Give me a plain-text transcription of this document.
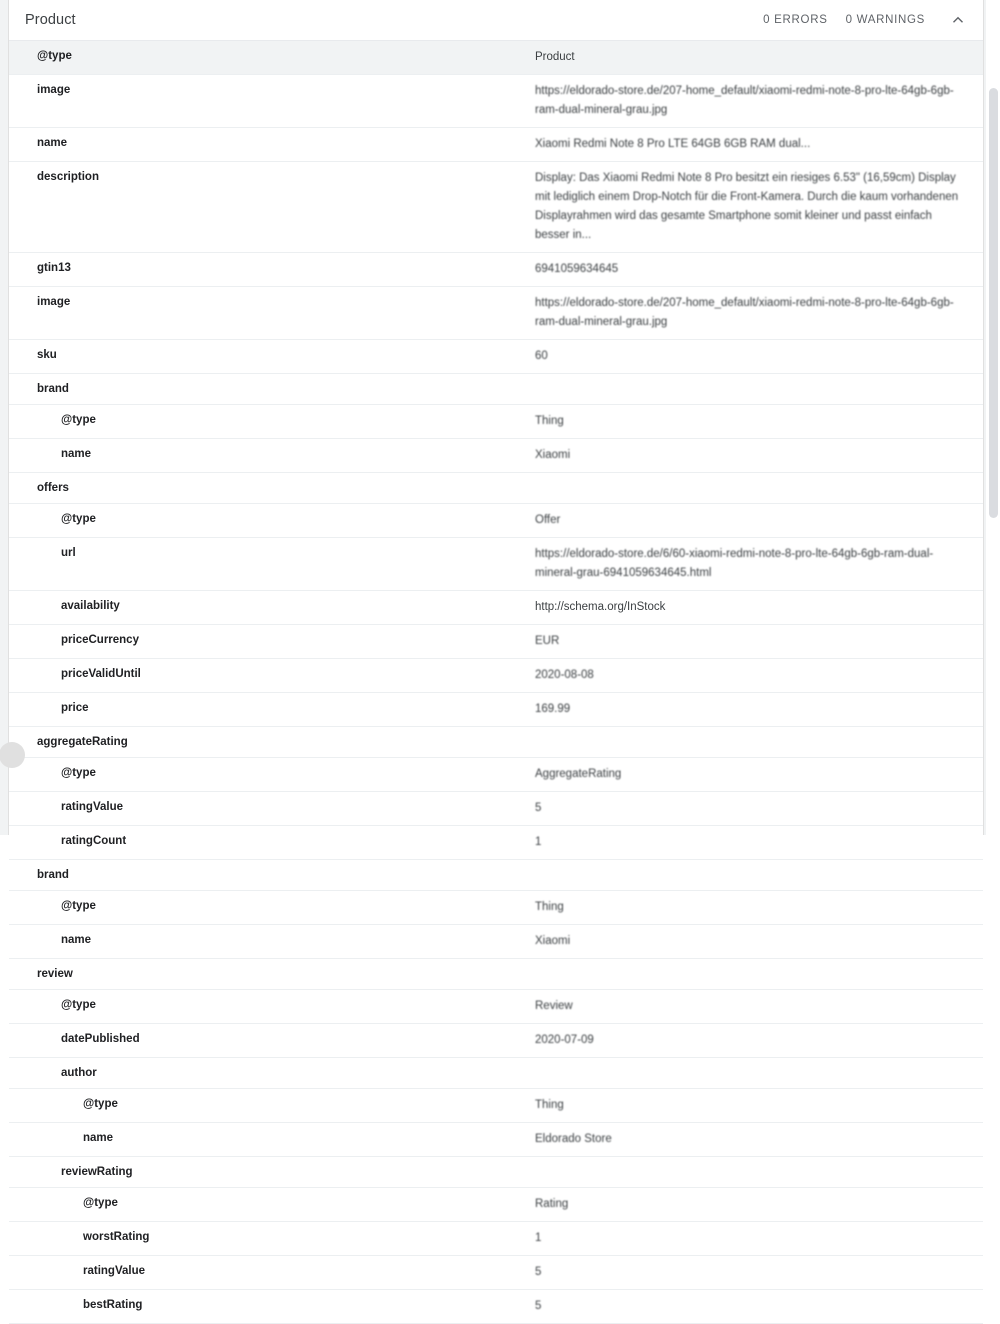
Product	0 ERRORS 0 WARNINGS
@type	Product
image	https://eldorado-store.de/207-home_default/xiaomi-redmi-note-8-pro-lte-64gb-6gb-ram-dual-mineral-grau.jpg
name	Xiaomi Redmi Note 8 Pro LTE 64GB 6GB RAM dual...
description	Display: Das Xiaomi Redmi Note 8 Pro besitzt ein riesiges 6.53" (16,59cm) Display mit lediglich einem Drop-Notch für die Front-Kamera. Durch die kaum vorhandenen Displayrahmen wird das gesamte Smartphone somit kleiner und passt einfach besser in...
gtin13	6941059634645
image	https://eldorado-store.de/207-home_default/xiaomi-redmi-note-8-pro-lte-64gb-6gb-ram-dual-mineral-grau.jpg
sku	60
brand	
@type	Thing
name	Xiaomi
offers	
@type	Offer
url	https://eldorado-store.de/6/60-xiaomi-redmi-note-8-pro-lte-64gb-6gb-ram-dual-mineral-grau-6941059634645.html
availability	http://schema.org/InStock
priceCurrency	EUR
priceValidUntil	2020-08-08
price	169.99
aggregateRating	
@type	AggregateRating
ratingValue	5
ratingCount	1
brand	
@type	Thing
name	Xiaomi
review	
@type	Review
datePublished	2020-07-09
author	
@type	Thing
name	Eldorado Store
reviewRating	
@type	Rating
worstRating	1
ratingValue	5
bestRating	5
